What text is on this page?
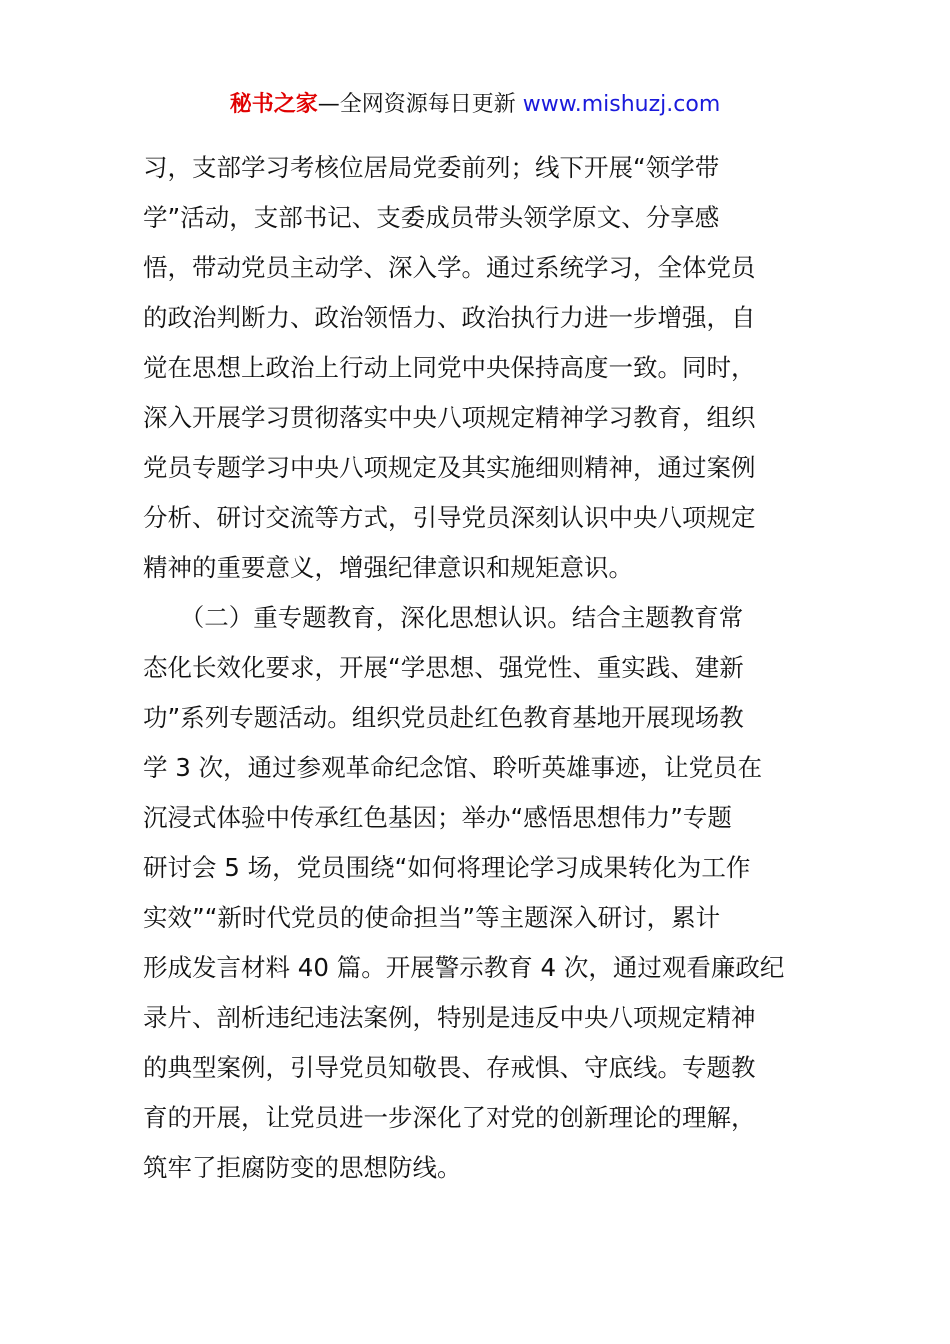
秘书之家—全网资源每日更新 www.mishuzj.com
习，支部学习考核位居局党委前列；线下开展“领学带
学”活动，支部书记、支委成员带头领学原文、分享感
悟，带动党员主动学、深入学。通过系统学习，全体党员
的政治判断力、政治领悟力、政治执行力进一步增强，自
觉在思想上政治上行动上同党中央保持高度一致。同时，
深入开展学习贯彻落实中央八项规定精神学习教育，组织
党员专题学习中央八项规定及其实施细则精神，通过案例
分析、研讨交流等方式，引导党员深刻认识中央八项规定
精神的重要意义，增强纪律意识和规矩意识。
　　（二）重专题教育，深化思想认识。结合主题教育常
态化长效化要求，开展“学思想、强党性、重实践、建新
功”系列专题活动。组织党员赴红色教育基地开展现场教
学 3 次，通过参观革命纪念馆、聆听英雄事迹，让党员在
沉浸式体验中传承红色基因；举办“感悟思想伟力”专题
研讨会 5 场，党员围绕“如何将理论学习成果转化为工作
实效”“新时代党员的使命担当”等主题深入研讨，累计
形成发言材料 40 篇。开展警示教育 4 次，通过观看廉政纪
录片、剖析违纪违法案例，特别是违反中央八项规定精神
的典型案例，引导党员知敬畏、存戒惧、守底线。专题教
育的开展，让党员进一步深化了对党的创新理论的理解，
筑牢了拒腐防变的思想防线。
